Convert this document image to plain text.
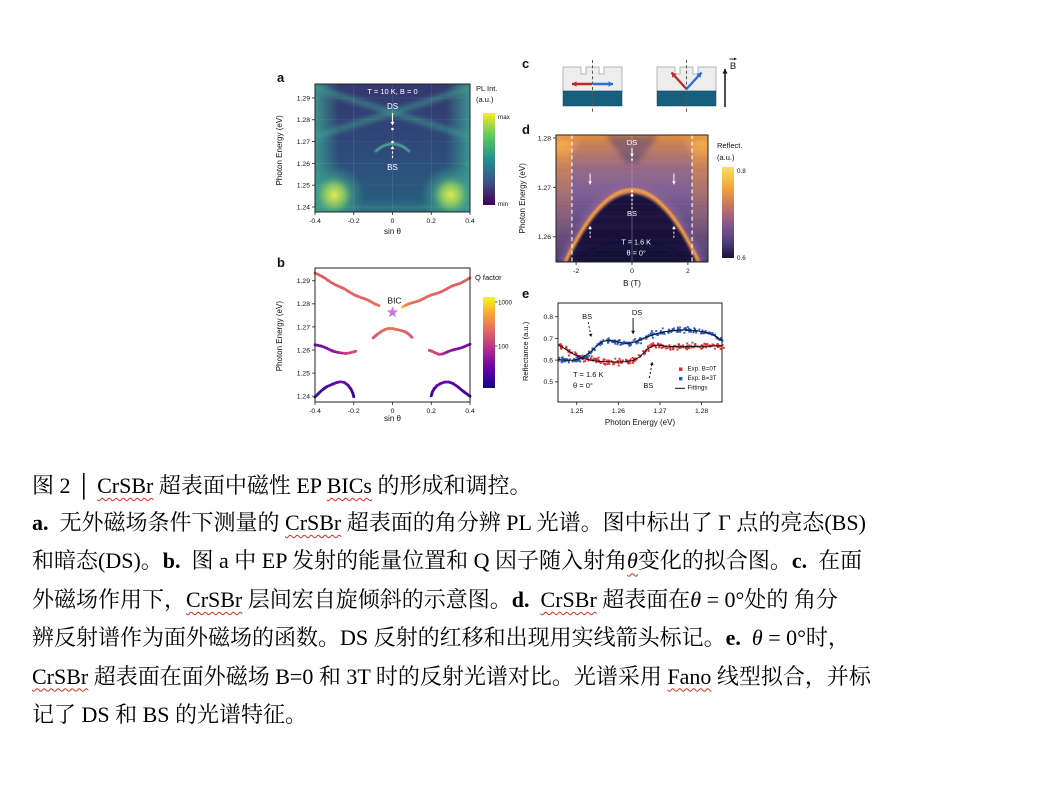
T = 10 K, B = 0
DS
BS
-0.4	-0.2	0	0.2	0.4
1.24
1.25
1.26
1.27
1.28
1.29
sin θ
Photon Energy (eV)
a
PL Int.
(a.u.)
max
min
BIC
-0.4	-0.2	0	0.2	0.4
1.24
1.25
1.26
1.27
1.28
1.29
sin θ
Photon Energy (eV)
b
Q factor
1000
100
B
c
DS
BS
T = 1.6 K
θ = 0°
-2	0	2
1.26
1.27
1.28
B (T)
Photon Energy (eV)
d
Reflect.
(a.u.)
0.8
0.6
BS	DS
BS
T = 1.6 K
θ = 0°
Exp. B=0T
Exp. B=3T
Fittings
1.25	1.26	1.27	1.28
0.5
0.6
0.7
0.8
Photon Energy (eV)
Reflectance (a.u.)
e

图 2 │ CrSBr 超表面中磁性 EP BICs 的形成和调控。

a.  无外磁场条件下测量的 CrSBr 超表面的角分辨 PL 光谱。图中标出了 Γ 点的亮态(BS)
和暗态(DS)。b.  图 a 中 EP 发射的能量位置和 Q 因子随入射角θ变化的拟合图。c.  在面
外磁场作用下，CrSBr 层间宏自旋倾斜的示意图。d. CrSBr 超表面在θ = 0°处的 角分
辨反射谱作为面外磁场的函数。DS 反射的红移和出现用实线箭头标记。e. θ = 0°时，
CrSBr 超表面在面外磁场 B=0 和 3T 时的反射光谱对比。光谱采用 Fano 线型拟合，并标
记了 DS 和 BS 的光谱特征。
